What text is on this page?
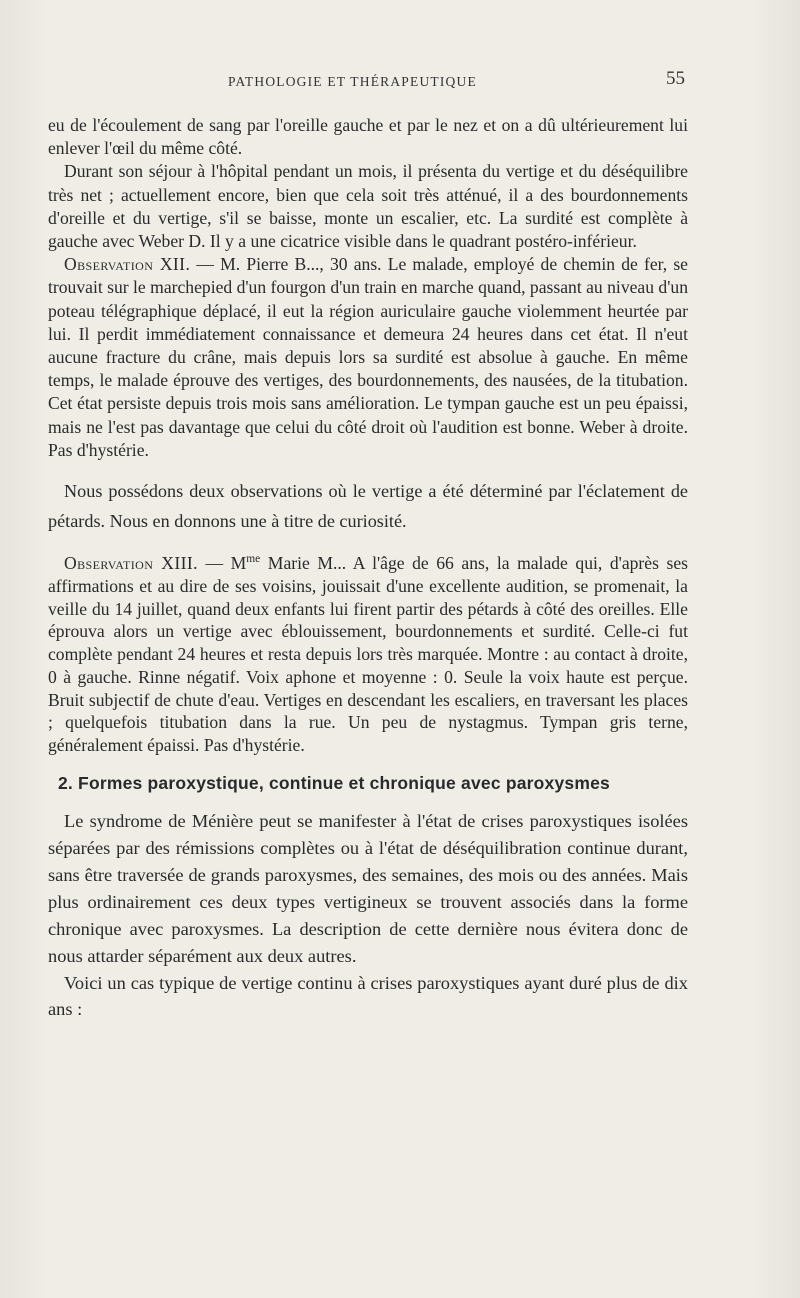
PATHOLOGIE ET THÉRAPEUTIQUE	55

eu de l'écoulement de sang par l'oreille gauche et par le nez et on a dû ultérieurement lui enlever l'œil du même côté.

Durant son séjour à l'hôpital pendant un mois, il présenta du vertige et du déséquilibre très net ; actuellement encore, bien que cela soit très atténué, il a des bourdonnements d'oreille et du vertige, s'il se baisse, monte un escalier, etc. La surdité est complète à gauche avec Weber D. Il y a une cicatrice visible dans le quadrant postéro-inférieur.

Observation XII. — M. Pierre B..., 30 ans. Le malade, employé de chemin de fer, se trouvait sur le marchepied d'un fourgon d'un train en marche quand, passant au niveau d'un poteau télégraphique déplacé, il eut la région auriculaire gauche violemment heurtée par lui. Il perdit immédiatement connaissance et demeura 24 heures dans cet état. Il n'eut aucune fracture du crâne, mais depuis lors sa surdité est absolue à gauche. En même temps, le malade éprouve des vertiges, des bourdonnements, des nausées, de la titubation. Cet état persiste depuis trois mois sans amélioration. Le tympan gauche est un peu épaissi, mais ne l'est pas davantage que celui du côté droit où l'audition est bonne. Weber à droite. Pas d'hystérie.

Nous possédons deux observations où le vertige a été déterminé par l'éclatement de pétards. Nous en donnons une à titre de curiosité.

Observation XIII. — $M^{me}$ Marie M... A l'âge de 66 ans, la malade qui, d'après ses affirmations et au dire de ses voisins, jouissait d'une excellente audition, se promenait, la veille du 14 juillet, quand deux enfants lui firent partir des pétards à côté des oreilles. Elle éprouva alors un vertige avec éblouissement, bourdonnements et surdité. Celle-ci fut complète pendant 24 heures et resta depuis lors très marquée. Montre : au contact à droite, 0 à gauche. Rinne négatif. Voix aphone et moyenne : 0. Seule la voix haute est perçue. Bruit subjectif de chute d'eau. Vertiges en descendant les escaliers, en traversant les places ; quelquefois titubation dans la rue. Un peu de nystagmus. Tympan gris terne, généralement épaissi. Pas d'hystérie.

2. Formes paroxystique, continue et chronique avec paroxysmes

Le syndrome de Ménière peut se manifester à l'état de crises paroxystiques isolées séparées par des rémissions complètes ou à l'état de déséquilibration continue durant, sans être traversée de grands paroxysmes, des semaines, des mois ou des années. Mais plus ordinairement ces deux types vertigineux se trouvent associés dans la forme chronique avec paroxysmes. La description de cette dernière nous évitera donc de nous attarder séparément aux deux autres.

Voici un cas typique de vertige continu à crises paroxystiques ayant duré plus de dix ans :
